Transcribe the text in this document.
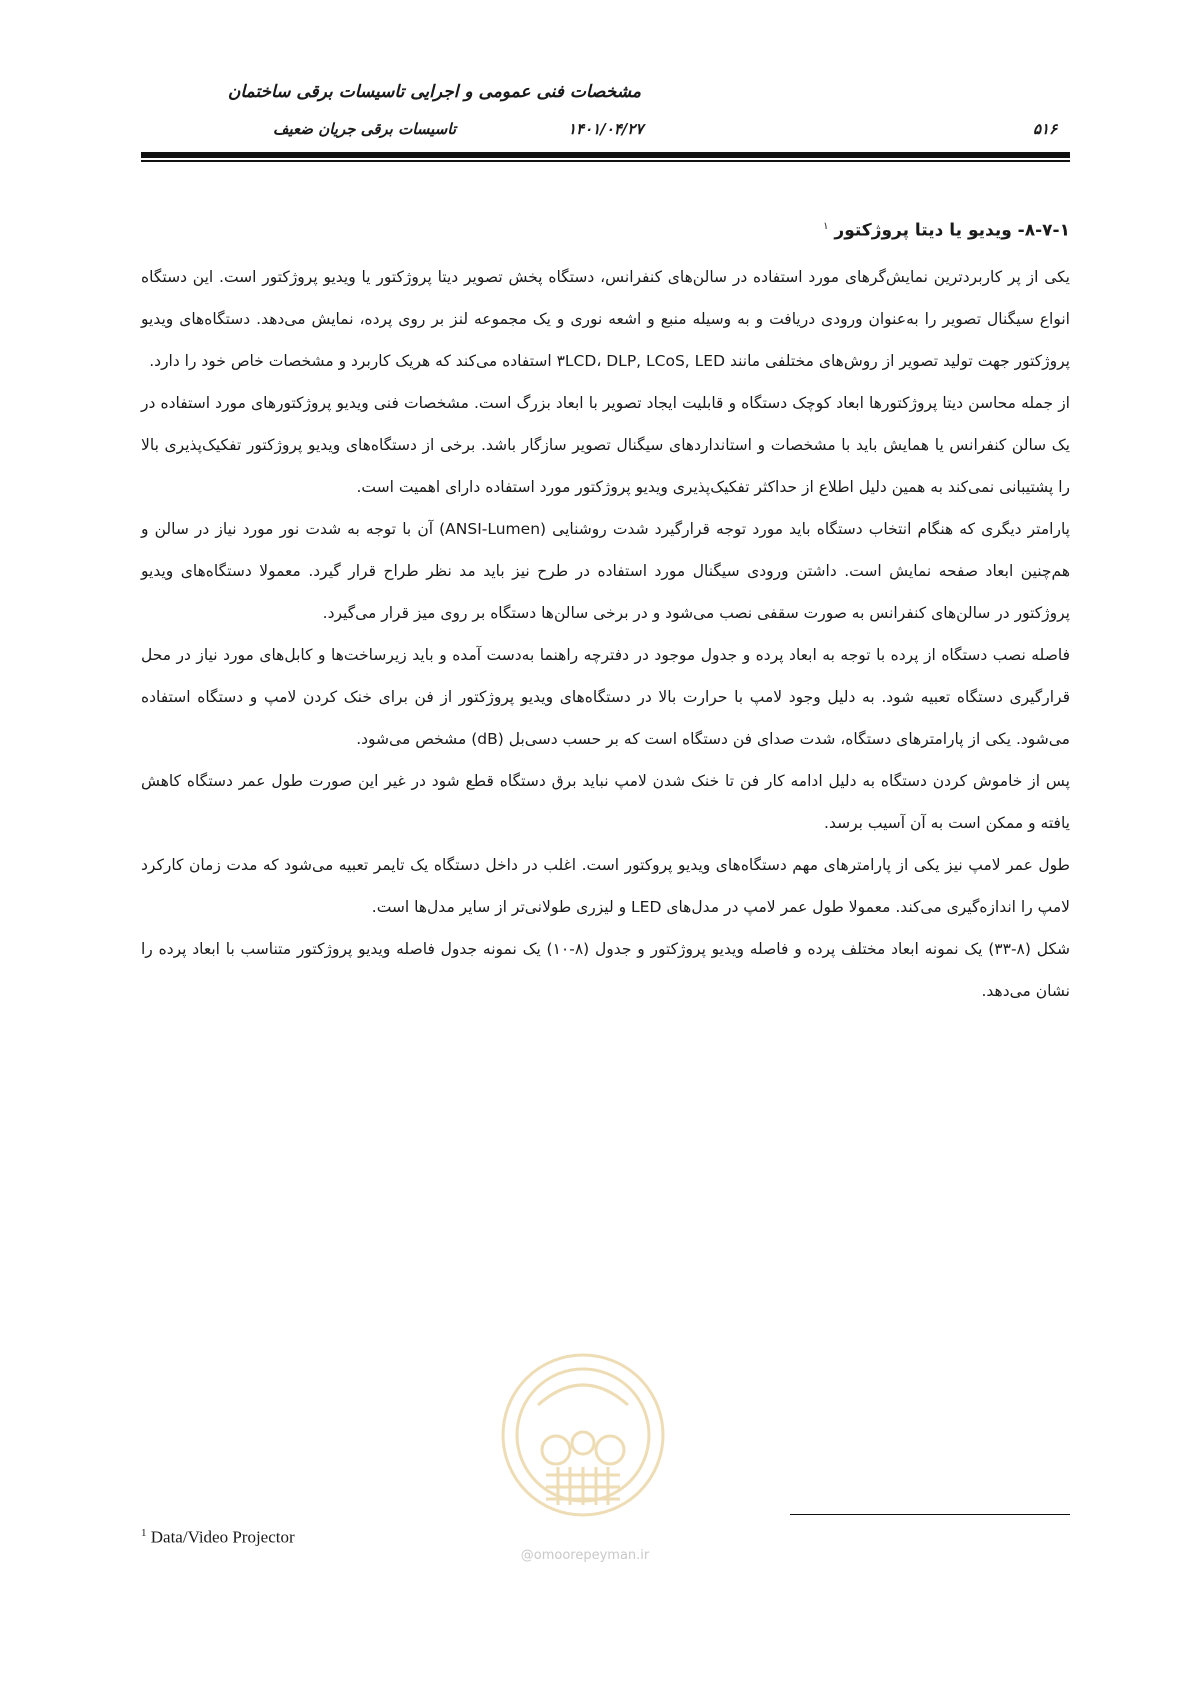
مشخصات فنی عمومی و اجرایی تاسیسات برقی ساختمان
تاسیسات برقی جریان ضعیف	۱۴۰۱/۰۴/۲۷	۵۱۶
۸-۷-۱- ویدیو یا دیتا پروژکتور $^۱$

یکی از پر کاربردترین نمایش‌گرهای مورد استفاده در سالن‌های کنفرانس، دستگاه پخش تصویر دیتا پروژکتور یا ویدیو پروژکتور است. این دستگاه انواع سیگنال تصویر را به‌عنوان ورودی دریافت و به وسیله منبع و اشعه نوری و یک مجموعه لنز بر روی پرده، نمایش می‌دهد. دستگاه‌های ویدیو پروژکتور جهت تولید تصویر از روش‌های مختلفی مانند ۳LCD، DLP, LCoS, LED استفاده می‌کند که هریک کاربرد و مشخصات خاص خود را دارد.

از جمله محاسن دیتا پروژکتورها ابعاد کوچک دستگاه و قابلیت ایجاد تصویر با ابعاد بزرگ است. مشخصات فنی ویدیو پروژکتورهای مورد استفاده در یک سالن کنفرانس یا همایش باید با مشخصات و استانداردهای سیگنال تصویر سازگار باشد. برخی از دستگاه‌های ویدیو پروژکتور تفکیک‌پذیری بالا را پشتیبانی نمی‌کند به همین دلیل اطلاع از حداکثر تفکیک‌پذیری ویدیو پروژکتور مورد استفاده دارای اهمیت است.

پارامتر دیگری که هنگام انتخاب دستگاه باید مورد توجه قرارگیرد شدت روشنایی (ANSI-Lumen) آن با توجه به شدت نور مورد نیاز در سالن و هم‌چنین ابعاد صفحه نمایش است. داشتن ورودی سیگنال مورد استفاده در طرح نیز باید مد نظر طراح قرار گیرد. معمولا دستگاه‌های ویدیو پروژکتور در سالن‌های کنفرانس به صورت سقفی نصب می‌شود و در برخی سالن‌ها دستگاه بر روی میز قرار می‌گیرد.

فاصله نصب دستگاه از پرده با توجه به ابعاد پرده و جدول موجود در دفترچه راهنما به‌دست آمده و باید زیرساخت‌ها و کابل‌های مورد نیاز در محل قرارگیری دستگاه تعبیه شود. به دلیل وجود لامپ با حرارت بالا در دستگاه‌های ویدیو پروژکتور از فن برای خنک کردن لامپ و دستگاه استفاده می‌شود. یکی از پارامترهای دستگاه، شدت صدای فن دستگاه است که بر حسب دسی‌بل (dB) مشخص می‌شود.

پس از خاموش کردن دستگاه به دلیل ادامه کار فن تا خنک شدن لامپ نباید برق دستگاه قطع شود در غیر این صورت طول عمر دستگاه کاهش یافته و ممکن است به آن آسیب برسد.

طول عمر لامپ نیز یکی از پارامترهای مهم دستگاه‌های ویدیو پروکتور است. اغلب در داخل دستگاه یک تایمر تعبیه می‌شود که مدت زمان کارکرد لامپ را اندازه‌گیری می‌کند. معمولا طول عمر لامپ در مدل‌های LED و لیزری طولانی‌تر از سایر مدل‌ها است.

شکل (۸-۳۳) یک نمونه ابعاد مختلف پرده و فاصله ویدیو پروژکتور و جدول (۸-۱۰) یک نمونه جدول فاصله ویدیو پروژکتور متناسب با ابعاد پرده را نشان می‌دهد.

@omoorepeyman.ir
$^1$ Data/Video Projector
